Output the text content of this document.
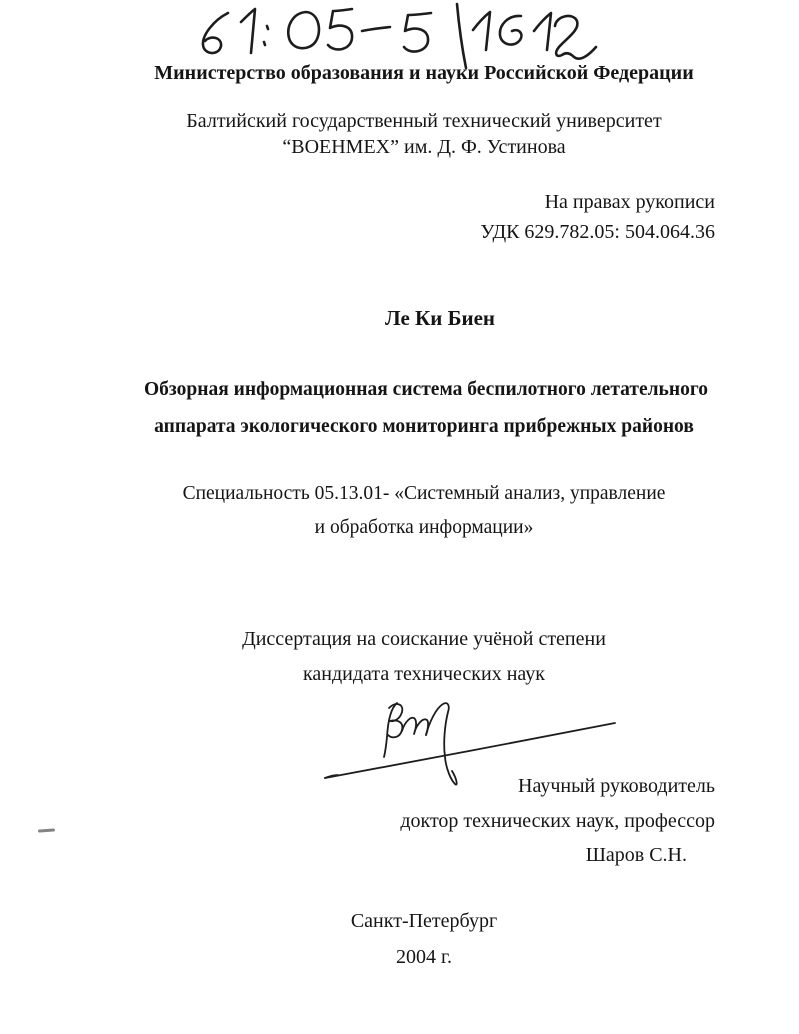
Министерство образования и науки Российской Федерации
Балтийский государственный технический университет
“ВОЕНМЕХ” им. Д. Ф. Устинова
На правах рукописи
УДК 629.782.05: 504.064.36
Ле Ки Биен
Обзорная информационная система беспилотного летательного
аппарата экологического мониторинга прибрежных районов
Специальность 05.13.01- «Системный анализ, управление
и обработка информации»
Диссертация на соискание учёной степени
кандидата технических наук
Научный руководитель
доктор технических наук, профессор
Шаров С.Н.
Санкт-Петербург
2004 г.
